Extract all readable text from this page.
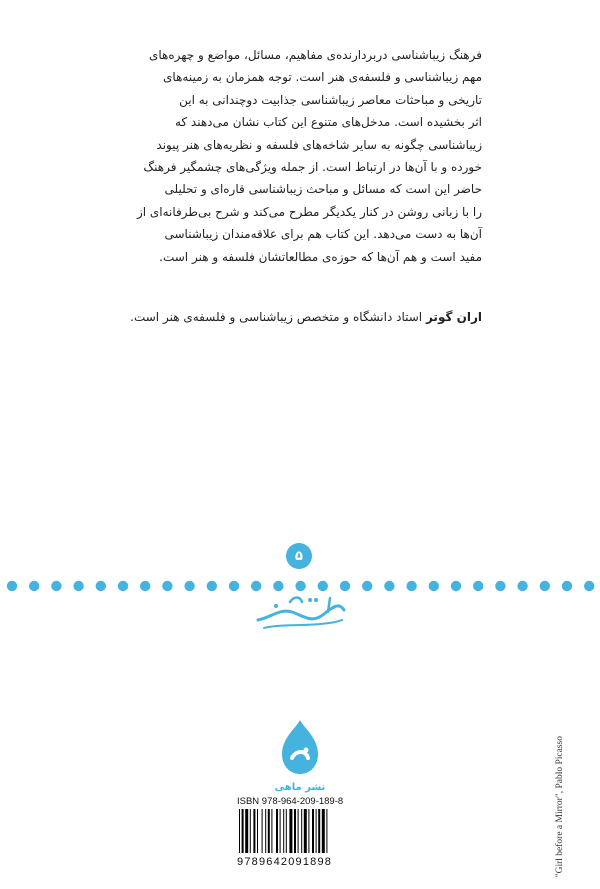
فرهنگ زیباشناسی دربردارنده‌ی مفاهیم، مسائل، مواضع و چهره‌های
مهم زیباشناسی و فلسفه‌ی هنر است. توجه همزمان به زمینه‌های
تاریخی و مباحثات معاصر زیباشناسی جذابیت دوچندانی به این
اثر بخشیده است. مدخل‌های متنوع این کتاب نشان می‌دهند که
زیباشناسی چگونه به سایر شاخه‌های فلسفه و نظریه‌های هنر پیوند
خورده و با آن‌ها در ارتباط است. از جمله ویژگی‌های چشمگیر فرهنگ
حاضر این است که مسائل و مباحث زیباشناسی قاره‌ای و تحلیلی
را با زبانی روشن در کنار یکدیگر مطرح می‌کند و شرح بی‌طرفانه‌ای از
آن‌ها به دست می‌دهد. این کتاب هم برای علاقه‌مندان زیباشناسی
مفید است و هم آن‌ها که حوزه‌ی مطالعاتشان فلسفه و هنر است.
اران گوتر استاد دانشگاه و متخصص زیباشناسی و فلسفه‌ی هنر است.
۵
نشر ماهی	"Girl before a Mirror", Pablo Picasso
ISBN 978-964-209-189-8
9789642091898
